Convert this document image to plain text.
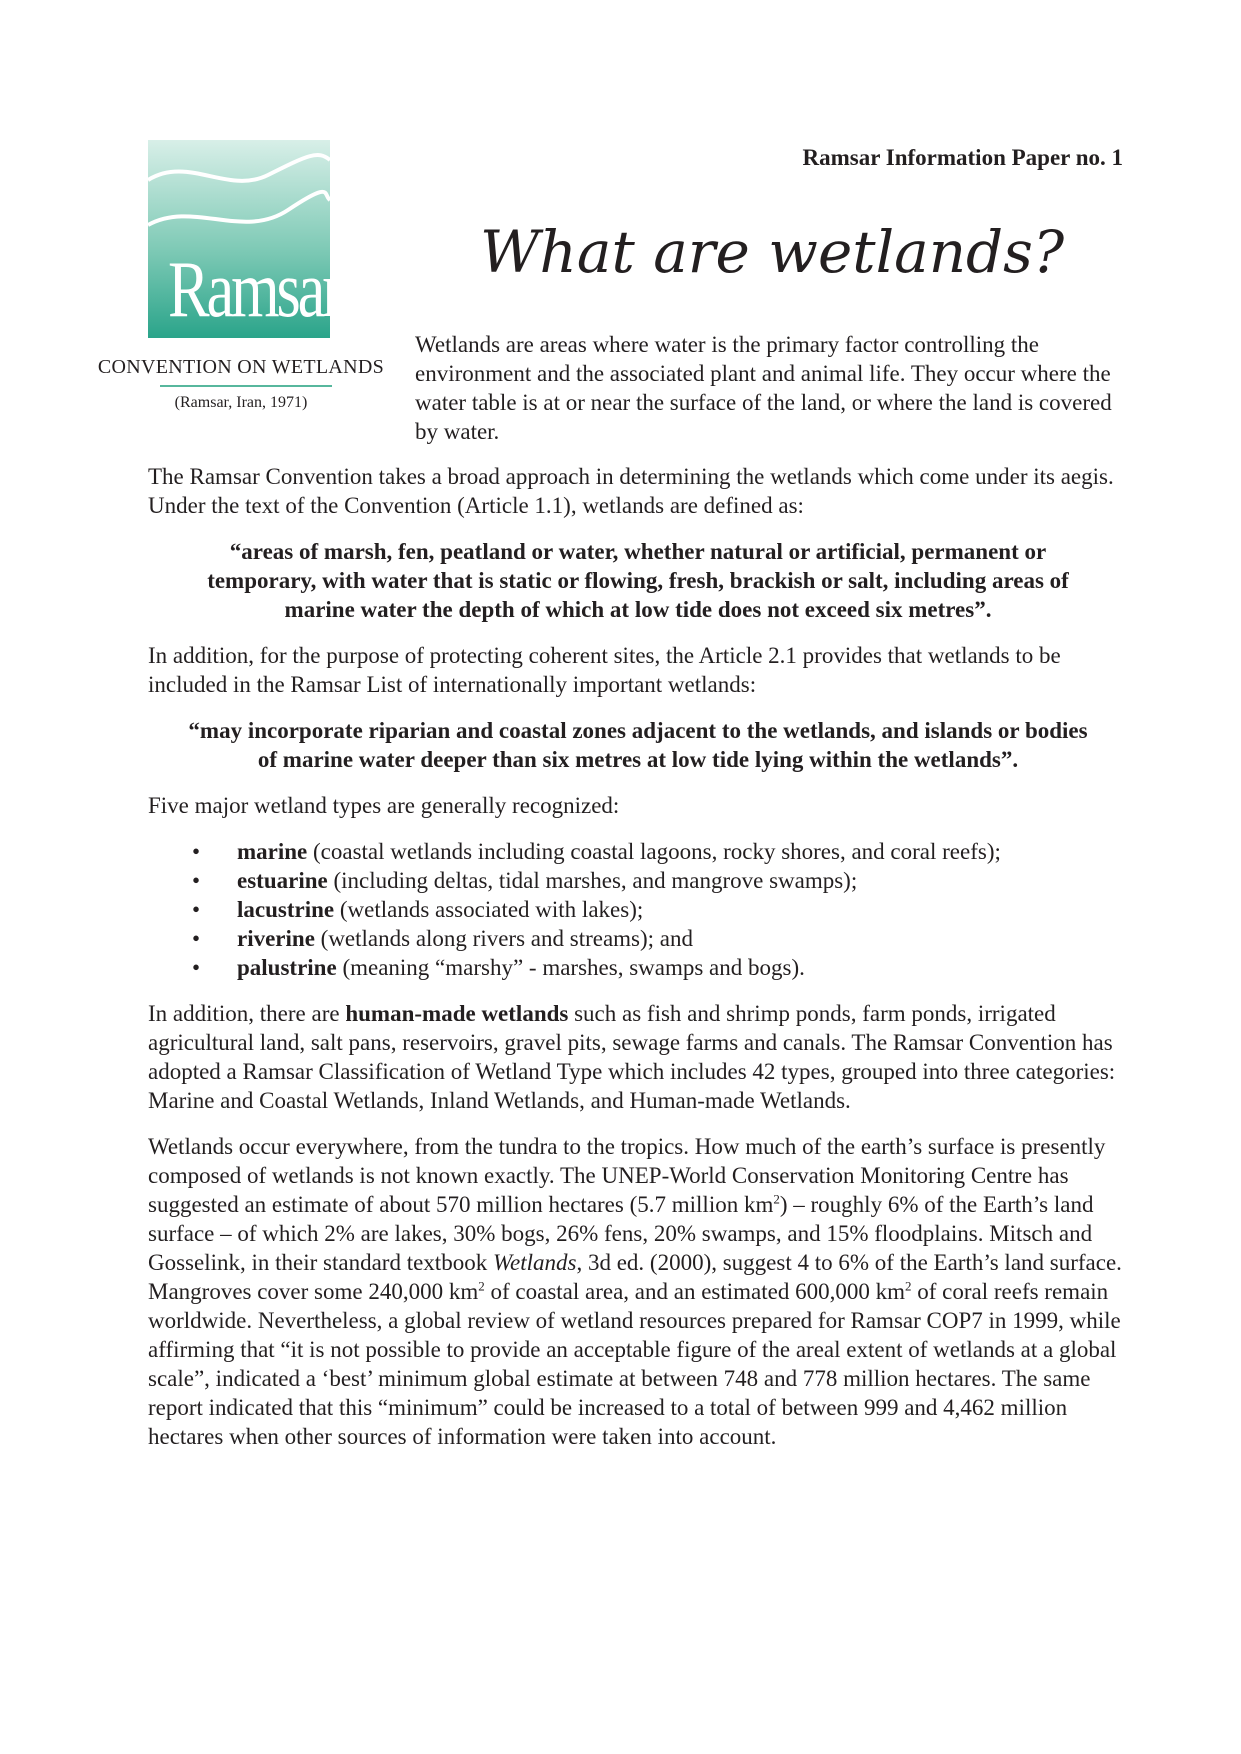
Ramsar
CONVENTION ON WETLANDS
(Ramsar, Iran, 1971)
Ramsar Information Paper no. 1
What are wetlands?

Wetlands are areas where water is the primary factor controlling the environment and the associated plant and animal life. They occur where the water table is at or near the surface of the land, or where the land is covered by water.

The Ramsar Convention takes a broad approach in determining the wetlands which come under its aegis. Under the text of the Convention (Article 1.1), wetlands are defined as:

“areas of marsh, fen, peatland or water, whether natural or artificial, permanent or temporary, with water that is static or flowing, fresh, brackish or salt, including areas of marine water the depth of which at low tide does not exceed six metres”.

In addition, for the purpose of protecting coherent sites, the Article 2.1 provides that wetlands to be included in the Ramsar List of internationally important wetlands:

“may incorporate riparian and coastal zones adjacent to the wetlands, and islands or bodies of marine water deeper than six metres at low tide lying within the wetlands”.

Five major wetland types are generally recognized:

• marine (coastal wetlands including coastal lagoons, rocky shores, and coral reefs);
• estuarine (including deltas, tidal marshes, and mangrove swamps);
• lacustrine (wetlands associated with lakes);
• riverine (wetlands along rivers and streams); and
• palustrine (meaning “marshy” - marshes, swamps and bogs).

In addition, there are human-made wetlands such as fish and shrimp ponds, farm ponds, irrigated agricultural land, salt pans, reservoirs, gravel pits, sewage farms and canals. The Ramsar Convention has adopted a Ramsar Classification of Wetland Type which includes 42 types, grouped into three categories: Marine and Coastal Wetlands, Inland Wetlands, and Human-made Wetlands.

Wetlands occur everywhere, from the tundra to the tropics. How much of the earth’s surface is presently composed of wetlands is not known exactly. The UNEP-World Conservation Monitoring Centre has suggested an estimate of about 570 million hectares (5.7 million $km^2$) – roughly 6% of the Earth’s land surface – of which 2% are lakes, 30% bogs, 26% fens, 20% swamps, and 15% floodplains. Mitsch and Gosselink, in their standard textbook Wetlands, 3d ed. (2000), suggest 4 to 6% of the Earth’s land surface. Mangroves cover some 240,000 $km^2$ of coastal area, and an estimated 600,000 $km^2$ of coral reefs remain worldwide. Nevertheless, a global review of wetland resources prepared for Ramsar COP7 in 1999, while affirming that “it is not possible to provide an acceptable figure of the areal extent of wetlands at a global scale”, indicated a ‘best’ minimum global estimate at between 748 and 778 million hectares. The same report indicated that this “minimum” could be increased to a total of between 999 and 4,462 million hectares when other sources of information were taken into account.
